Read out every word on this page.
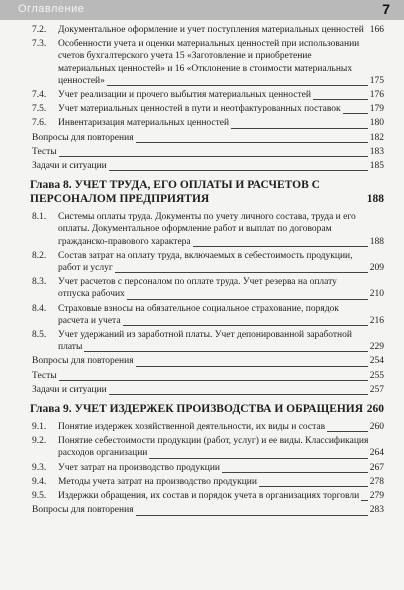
Оглавление	7
7.2. Документальное оформление и учет поступления материальных ценностей 166
7.3. Особенности учета и оценки материальных ценностей при использовании счетов бухгалтерского учета 15 «Заготовление и приобретение материальных ценностей» и 16 «Отклонение в стоимости материальных ценностей»	175
7.4. Учет реализации и прочего выбытия материальных ценностей	176
7.5. Учет материальных ценностей в пути и неотфактурованных поставок	179
7.6. Инвентаризация материальных ценностей	180
Вопросы для повторения	182
Тесты	183
Задачи и ситуации	185
Глава 8. УЧЕТ ТРУДА, ЕГО ОПЛАТЫ И РАСЧЕТОВ С ПЕРСОНАЛОМ ПРЕДПРИЯТИЯ	188
8.1. Системы оплаты труда. Документы по учету личного состава, труда и его оплаты. Документальное оформление работ и выплат по договорам гражданско-правового характера	188
8.2. Состав затрат на оплату труда, включаемых в себестоимость продукции, работ и услуг	209
8.3. Учет расчетов с персоналом по оплате труда. Учет резерва на оплату отпуска рабочих	210
8.4. Страховые взносы на обязательное социальное страхование, порядок расчета и учета	216
8.5. Учет удержаний из заработной платы. Учет депонированной заработной платы	229
Вопросы для повторения	254
Тесты	255
Задачи и ситуации	257
Глава 9. УЧЕТ ИЗДЕРЖЕК ПРОИЗВОДСТВА И ОБРАЩЕНИЯ 260
9.1. Понятие издержек хозяйственной деятельности, их виды и состав	260
9.2. Понятие себестоимости продукции (работ, услуг) и ее виды. Классификация расходов организации	264
9.3. Учет затрат на производство продукции	267
9.4. Методы учета затрат на производство продукции	278
9.5. Издержки обращения, их состав и порядок учета в организациях торговли	279
Вопросы для повторения	283
